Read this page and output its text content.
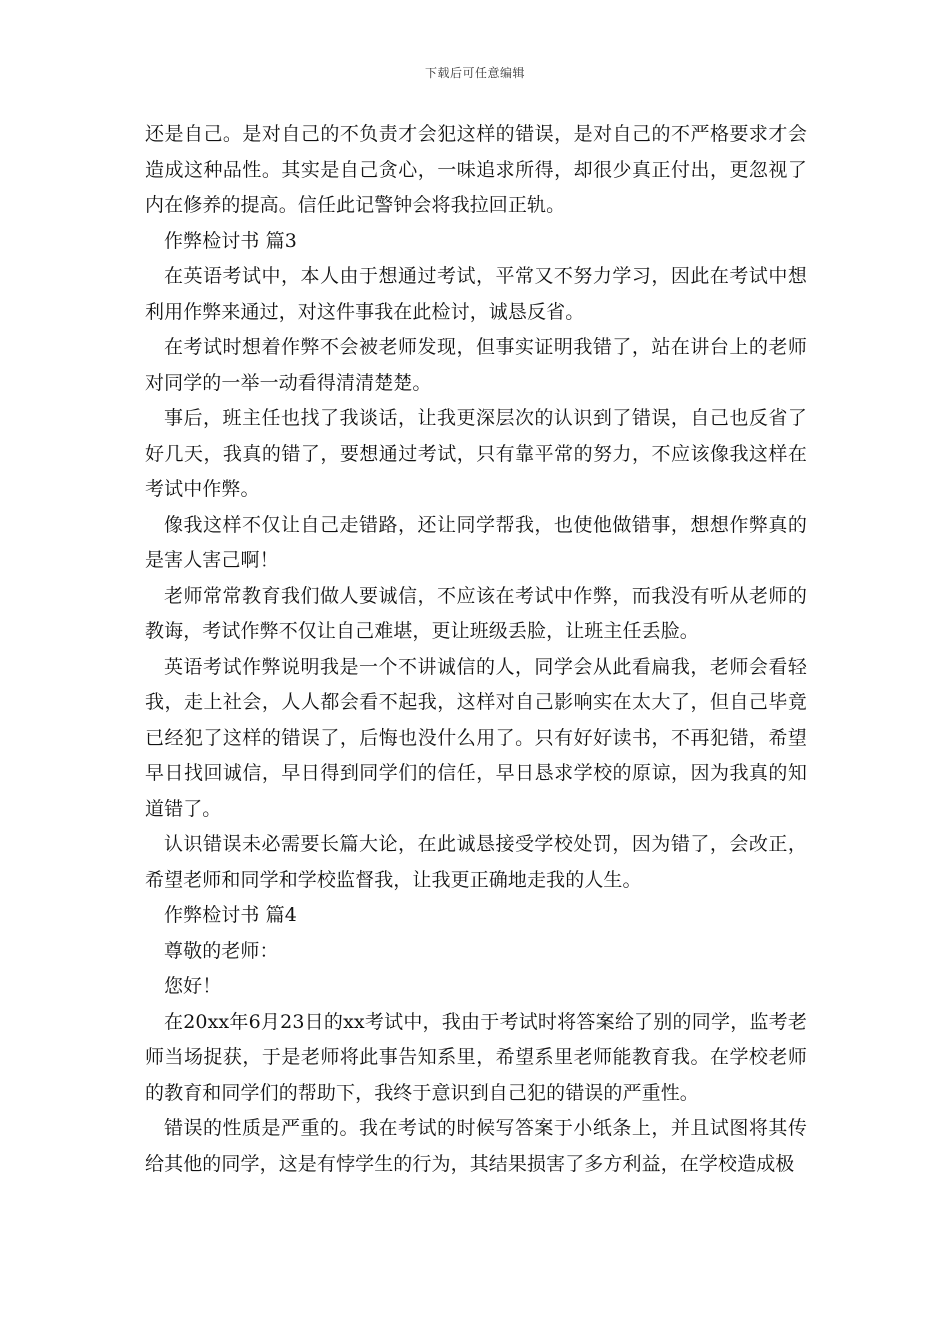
下载后可任意编辑

还是自己。是对自己的不负责才会犯这样的错误，是对自己的不严格要求才会造成这种品性。其实是自己贪心，一味追求所得，却很少真正付出，更忽视了内在修养的提高。信任此记警钟会将我拉回正轨。

作弊检讨书 篇3

在英语考试中，本人由于想通过考试，平常又不努力学习，因此在考试中想利用作弊来通过，对这件事我在此检讨，诚恳反省。

在考试时想着作弊不会被老师发现，但事实证明我错了，站在讲台上的老师对同学的一举一动看得清清楚楚。

事后，班主任也找了我谈话，让我更深层次的认识到了错误，自己也反省了好几天，我真的错了，要想通过考试，只有靠平常的努力，不应该像我这样在考试中作弊。

像我这样不仅让自己走错路，还让同学帮我，也使他做错事，想想作弊真的是害人害己啊！

老师常常教育我们做人要诚信，不应该在考试中作弊，而我没有听从老师的教诲，考试作弊不仅让自己难堪，更让班级丢脸，让班主任丢脸。

英语考试作弊说明我是一个不讲诚信的人，同学会从此看扁我，老师会看轻我，走上社会，人人都会看不起我，这样对自己影响实在太大了，但自己毕竟已经犯了这样的错误了，后悔也没什么用了。只有好好读书，不再犯错，希望早日找回诚信，早日得到同学们的信任，早日恳求学校的原谅，因为我真的知道错了。

认识错误未必需要长篇大论，在此诚恳接受学校处罚，因为错了，会改正，希望老师和同学和学校监督我，让我更正确地走我的人生。

作弊检讨书 篇4

尊敬的老师：

您好！

在20xx年6月23日的xx考试中，我由于考试时将答案给了别的同学，监考老师当场捉获，于是老师将此事告知系里，希望系里老师能教育我。在学校老师的教育和同学们的帮助下，我终于意识到自己犯的错误的严重性。

错误的性质是严重的。我在考试的时候写答案于小纸条上，并且试图将其传给其他的同学，这是有悖学生的行为，其结果损害了多方利益，在学校造成极
